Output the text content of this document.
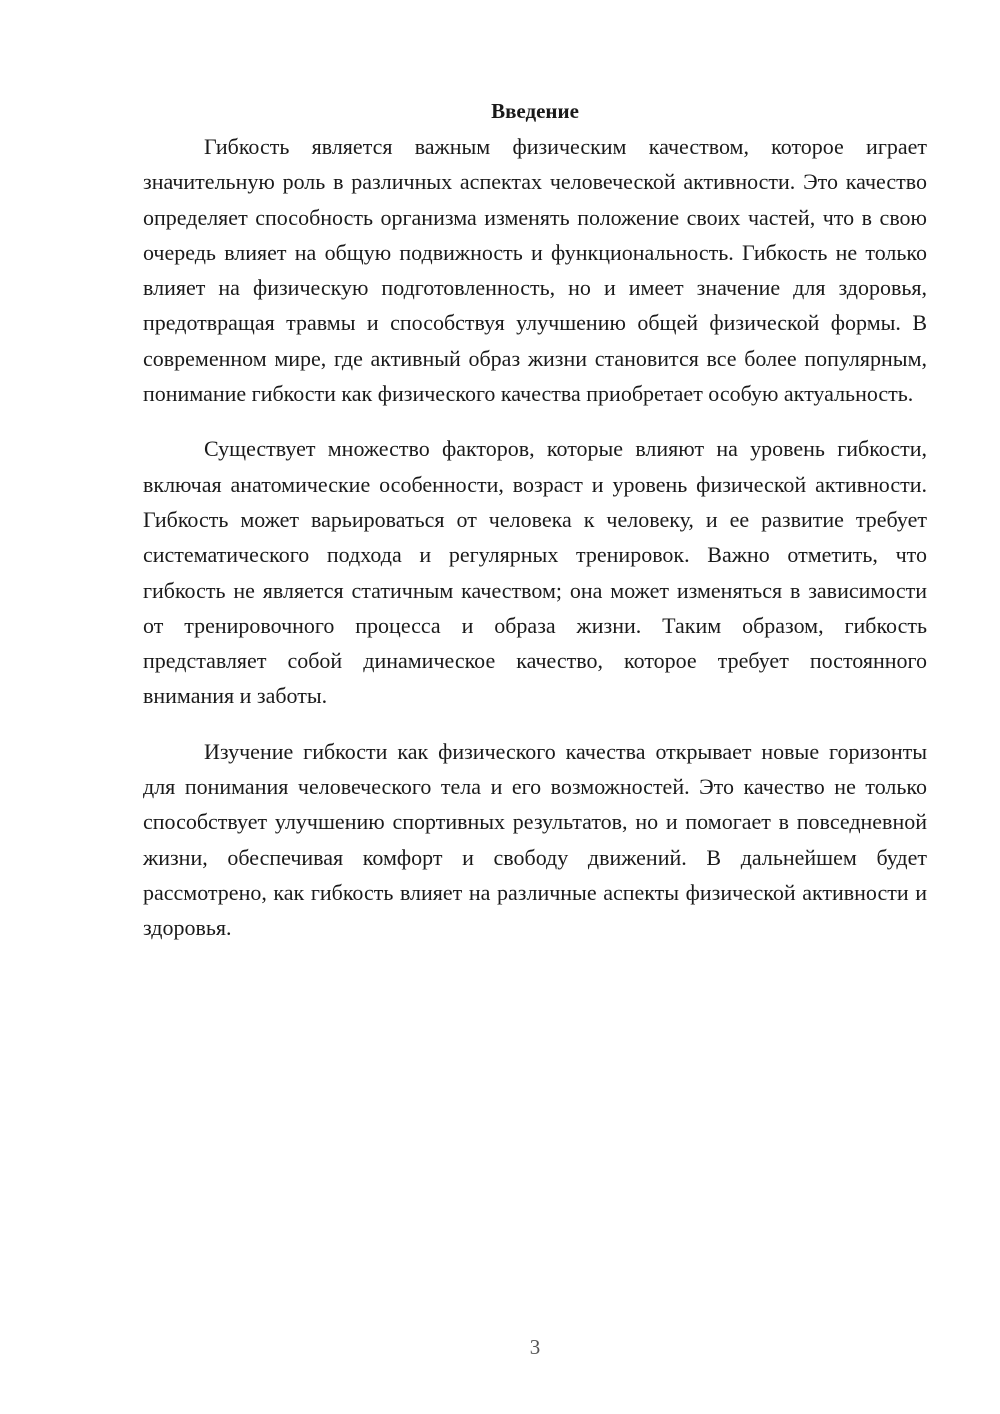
Введение

Гибкость является важным физическим качеством, которое играет значительную роль в различных аспектах человеческой активности. Это качество определяет способность организма изменять положение своих частей, что в свою очередь влияет на общую подвижность и функциональность. Гибкость не только влияет на физическую подготовленность, но и имеет значение для здоровья, предотвращая травмы и способствуя улучшению общей физической формы. В современном мире, где активный образ жизни становится все более популярным, понимание гибкости как физического качества приобретает особую актуальность.

Существует множество факторов, которые влияют на уровень гибкости, включая анатомические особенности, возраст и уровень физической активности. Гибкость может варьироваться от человека к человеку, и ее развитие требует систематического подхода и регулярных тренировок. Важно отметить, что гибкость не является статичным качеством; она может изменяться в зависимости от тренировочного процесса и образа жизни. Таким образом, гибкость представляет собой динамическое качество, которое требует постоянного внимания и заботы.

Изучение гибкости как физического качества открывает новые горизонты для понимания человеческого тела и его возможностей. Это качество не только способствует улучшению спортивных результатов, но и помогает в повседневной жизни, обеспечивая комфорт и свободу движений. В дальнейшем будет рассмотрено, как гибкость влияет на различные аспекты физической активности и здоровья.

3
